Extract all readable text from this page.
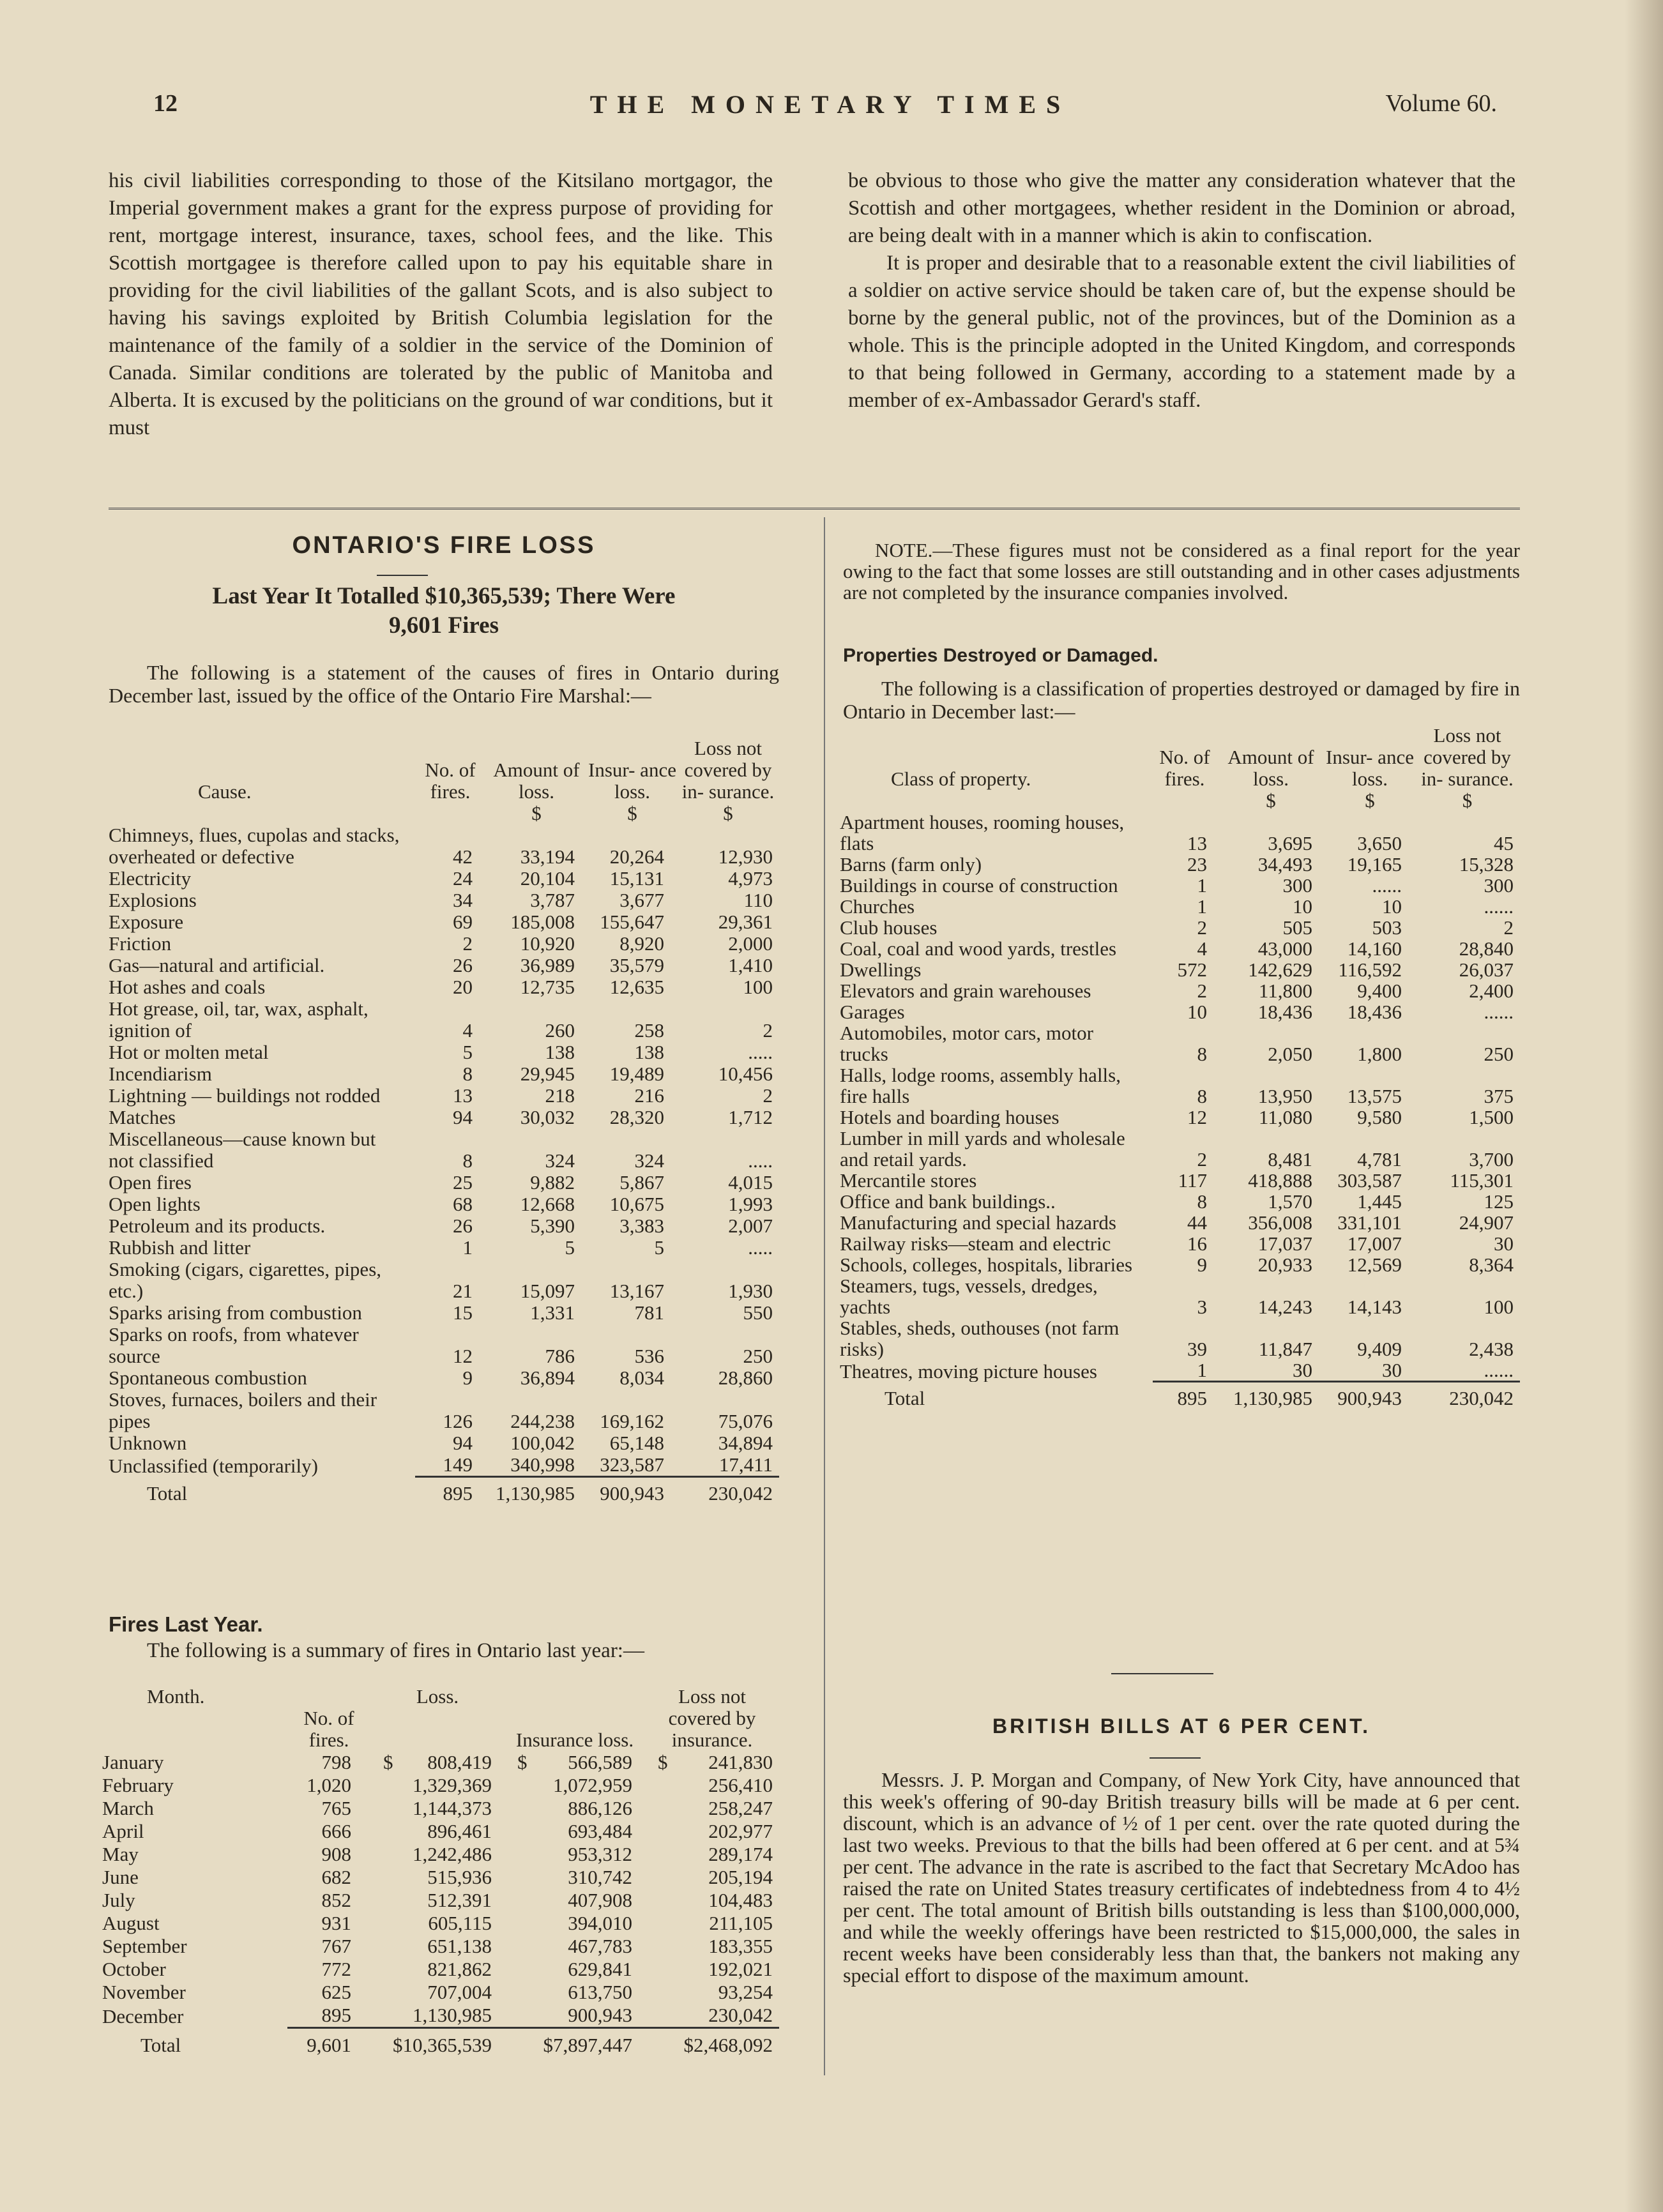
12	THE MONETARY TIMES	Volume 60.

his civil liabilities corresponding to those of the Kitsilano mortgagor, the Imperial government makes a grant for the express purpose of providing for rent, mortgage interest, insurance, taxes, school fees, and the like. This Scottish mortgagee is therefore called upon to pay his equitable share in providing for the civil liabilities of the gallant Scots, and is also subject to having his savings exploited by British Columbia legislation for the maintenance of the family of a soldier in the service of the Dominion of Canada. Similar conditions are tolerated by the public of Manitoba and Alberta. It is excused by the politicians on the ground of war conditions, but it must

be obvious to those who give the matter any consideration whatever that the Scottish and other mortgagees, whether resident in the Dominion or abroad, are being dealt with in a manner which is akin to confiscation.

It is proper and desirable that to a reasonable extent the civil liabilities of a soldier on active service should be taken care of, but the expense should be borne by the general public, not of the provinces, but of the Dominion as a whole. This is the principle adopted in the United Kingdom, and corresponds to that being followed in Germany, according to a statement made by a member of ex-Ambassador Gerard's staff.

ONTARIO'S FIRE LOSS
Last Year It Totalled $10,365,539; There Were
9,601 Fires
The following is a statement of the causes of fires in Ontario during December last, issued by the office of the Ontario Fire Marshal:—
Cause.	No. of fires.	Amount of loss.	Insur- ance loss.	Loss not covered by in- surance.
		$	$	$
Chimneys, flues, cupolas and stacks, overheated or defective	42	33,194	20,264	12,930
Electricity	24	20,104	15,131	4,973
Explosions	34	3,787	3,677	110
Exposure	69	185,008	155,647	29,361
Friction	2	10,920	8,920	2,000
Gas—natural and artificial.	26	36,989	35,579	1,410
Hot ashes and coals	20	12,735	12,635	100
Hot grease, oil, tar, wax, asphalt, ignition of	4	260	258	2
Hot or molten metal	5	138	138	.....
Incendiarism	8	29,945	19,489	10,456
Lightning — buildings not rodded	13	218	216	2
Matches	94	30,032	28,320	1,712
Miscellaneous—cause known but not classified	8	324	324	.....
Open fires	25	9,882	5,867	4,015
Open lights	68	12,668	10,675	1,993
Petroleum and its products.	26	5,390	3,383	2,007
Rubbish and litter	1	5	5	.....
Smoking (cigars, cigarettes, pipes, etc.)	21	15,097	13,167	1,930
Sparks arising from combustion	15	1,331	781	550
Sparks on roofs, from whatever source	12	786	536	250
Spontaneous combustion	9	36,894	8,034	28,860
Stoves, furnaces, boilers and their pipes	126	244,238	169,162	75,076
Unknown	94	100,042	65,148	34,894
Unclassified (temporarily)	149	340,998	323,587	17,411
Total	895	1,130,985	900,943	230,042
Fires Last Year.
The following is a summary of fires in Ontario last year:—
Month.	No. of fires.	Loss.	Insurance loss.	Loss not covered by insurance.
January	798	$ 808,419	$ 566,589	$ 241,830
February	1,020	1,329,369	1,072,959	256,410
March	765	1,144,373	886,126	258,247
April	666	896,461	693,484	202,977
May	908	1,242,486	953,312	289,174
June	682	515,936	310,742	205,194
July	852	512,391	407,908	104,483
August	931	605,115	394,010	211,105
September	767	651,138	467,783	183,355
October	772	821,862	629,841	192,021
November	625	707,004	613,750	93,254
December	895	1,130,985	900,943	230,042
Total	9,601	$10,365,539	$7,897,447	$2,468,092
NOTE.—These figures must not be considered as a final report for the year owing to the fact that some losses are still outstanding and in other cases adjustments are not completed by the insurance companies involved.
Properties Destroyed or Damaged.
The following is a classification of properties destroyed or damaged by fire in Ontario in December last:—
Class of property.	No. of fires.	Amount of loss.	Insur- ance loss.	Loss not covered by in- surance.
		$	$	$
Apartment houses, rooming houses, flats	13	3,695	3,650	45
Barns (farm only)	23	34,493	19,165	15,328
Buildings in course of construction	1	300	......	300
Churches	1	10	10	......
Club houses	2	505	503	2
Coal, coal and wood yards, trestles	4	43,000	14,160	28,840
Dwellings	572	142,629	116,592	26,037
Elevators and grain warehouses	2	11,800	9,400	2,400
Garages	10	18,436	18,436	......
Automobiles, motor cars, motor trucks	8	2,050	1,800	250
Halls, lodge rooms, assembly halls, fire halls	8	13,950	13,575	375
Hotels and boarding houses	12	11,080	9,580	1,500
Lumber in mill yards and wholesale and retail yards.	2	8,481	4,781	3,700
Mercantile stores	117	418,888	303,587	115,301
Office and bank buildings..	8	1,570	1,445	125
Manufacturing and special hazards	44	356,008	331,101	24,907
Railway risks—steam and electric	16	17,037	17,007	30
Schools, colleges, hospitals, libraries	9	20,933	12,569	8,364
Steamers, tugs, vessels, dredges, yachts	3	14,243	14,143	100
Stables, sheds, outhouses (not farm risks)	39	11,847	9,409	2,438
Theatres, moving picture houses	1	30	30	......
Total	895	1,130,985	900,943	230,042
BRITISH BILLS AT 6 PER CENT.
Messrs. J. P. Morgan and Company, of New York City, have announced that this week's offering of 90-day British treasury bills will be made at 6 per cent. discount, which is an advance of ½ of 1 per cent. over the rate quoted during the last two weeks. Previous to that the bills had been offered at 6 per cent. and at 5¾ per cent. The advance in the rate is ascribed to the fact that Secretary McAdoo has raised the rate on United States treasury certificates of indebtedness from 4 to 4½ per cent. The total amount of British bills outstanding is less than $100,000,000, and while the weekly offerings have been restricted to $15,000,000, the sales in recent weeks have been considerably less than that, the bankers not making any special effort to dispose of the maximum amount.
